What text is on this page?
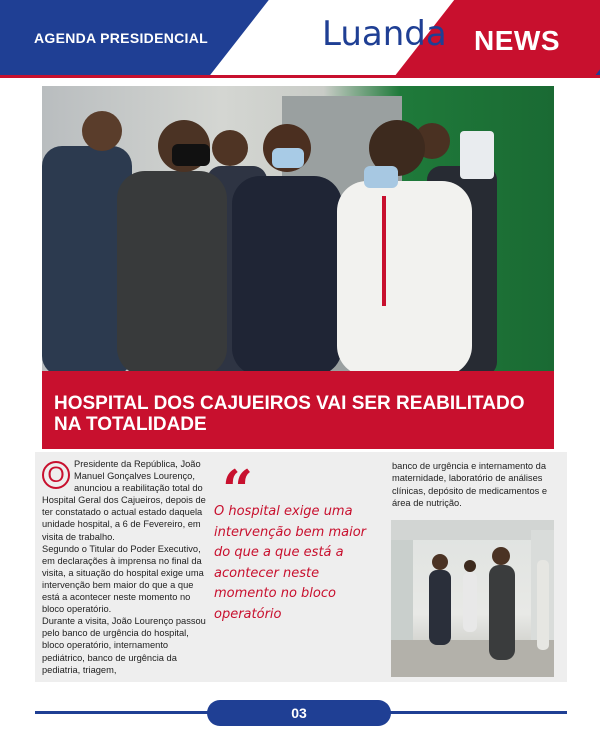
AGENDA PRESIDENCIAL	Luanda NEWS
HOSPITAL DOS CAJUEIROS VAI SER REABILITADO NA TOTALIDADE

O	Presidente da República, João Manuel Gonçalves Lourenço, anunciou a reabilitação total do Hospital Geral dos Cajueiros, depois de ter constatado o actual estado daquela unidade hospital, a 6 de Fevereiro, em visita de trabalho.

Segundo o Titular do Poder Executivo, em declarações à imprensa no final da visita, a situação do hospital exige uma intervenção bem maior do que a que está a acontecer neste momento no bloco operatório.

Durante a visita, João Lourenço passou pelo banco de urgência do hospital, bloco operatório, internamento pediátrico, banco de urgência da pediatria, triagem,

“
O hospital exige uma intervenção bem maior do que a que está a acontecer neste momento no bloco operatório
banco de urgência e internamento da maternidade, laboratório de análises clínicas, depósito de medicamentos e área de nutrição.
03
